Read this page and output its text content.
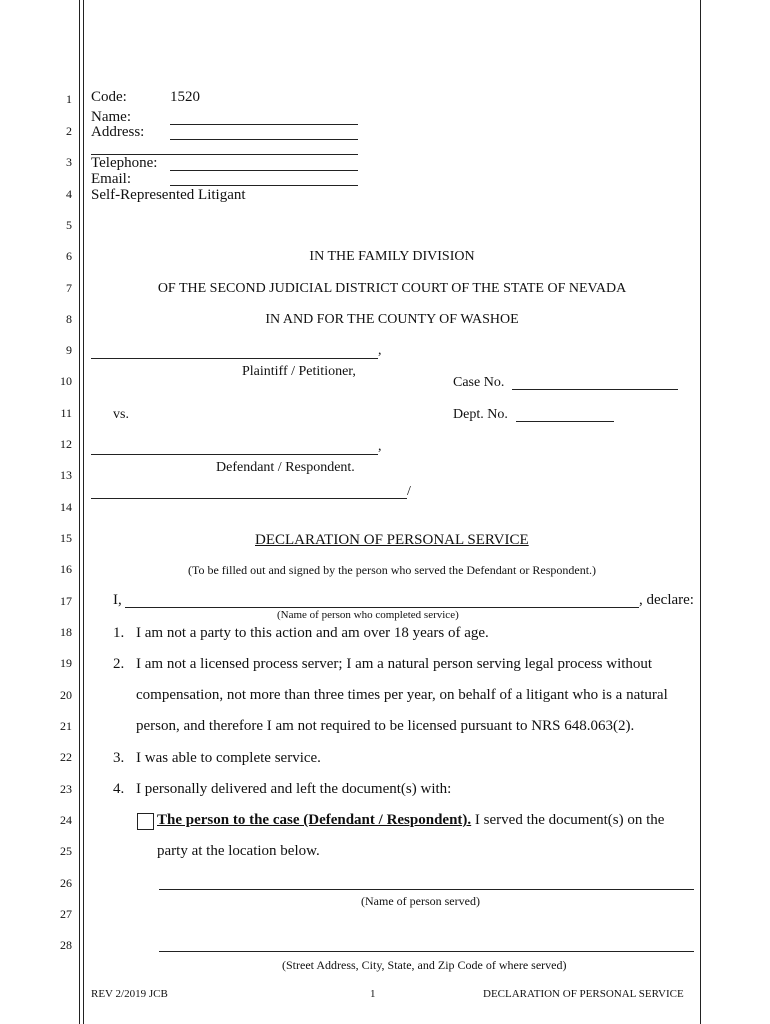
1
2
3
4
5
6
7
8
9
10
11
12
13
14
15
16
17
18
19
20
21
22
23
24
25
26
27
28
Code:	1520
Name:
Address:
Telephone:
Email:
Self-Represented Litigant
IN THE FAMILY DIVISION
OF THE SECOND JUDICIAL DISTRICT COURT OF THE STATE OF NEVADA
IN AND FOR THE COUNTY OF WASHOE
,
Plaintiff / Petitioner,
Case No.
vs.	Dept. No.
,
Defendant / Respondent.
/
DECLARATION OF PERSONAL SERVICE
(To be filled out and signed by the person who served the Defendant or Respondent.)
I,	, declare:
(Name of person who completed service)
1. I am not a party to this action and am over 18 years of age.
2. I am not a licensed process server; I am a natural person serving legal process without
compensation, not more than three times per year, on behalf of a litigant who is a natural
person, and therefore I am not required to be licensed pursuant to NRS 648.063(2).
3. I was able to complete service.
4. I personally delivered and left the document(s) with:
The person to the case (Defendant / Respondent). I served the document(s) on the
party at the location below.
(Name of person served)
(Street Address, City, State, and Zip Code of where served)
REV 2/2019 JCB	1	DECLARATION OF PERSONAL SERVICE
